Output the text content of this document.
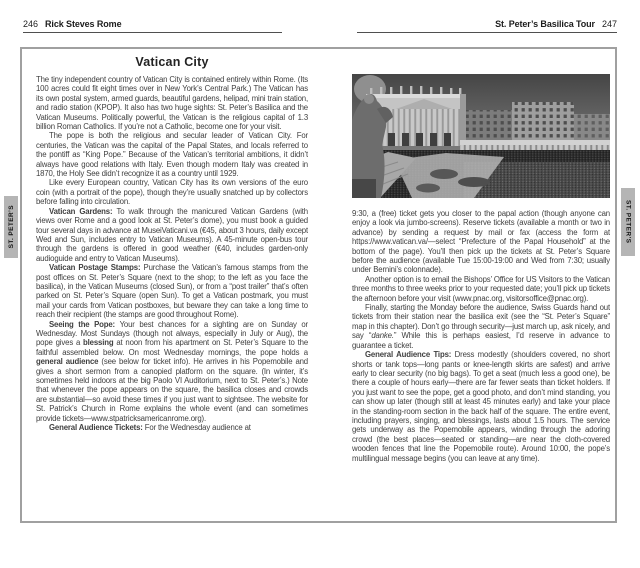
246 Rick Steves Rome	St. Peter’s Basilica Tour 247
Vatican City

The tiny independent country of Vatican City is contained entirely within Rome. (Its 100 acres could fit eight times over in New York’s Central Park.) The Vatican has its own postal system, armed guards, beautiful gardens, helipad, mini train station, and radio station (KPOP). It also has two huge sights: St. Peter’s Basilica and the Vatican Museums. Politically powerful, the Vatican is the religious capital of 1.3 billion Roman Catholics. If you’re not a Catholic, become one for your visit.

The pope is both the religious and secular leader of Vatican City. For centuries, the Vatican was the capital of the Papal States, and locals referred to the pontiff as “King Pope.” Because of the Vatican’s territorial ambitions, it didn’t always have good relations with Italy. Even though modern Italy was created in 1870, the Holy See didn’t recognize it as a country until 1929.

Like every European country, Vatican City has its own versions of the euro coin (with a portrait of the pope), though they’re usually snatched up by collectors before falling into circulation.

Vatican Gardens: To walk through the manicured Vatican Gardens (with views over Rome and a good look at St. Peter’s dome), you must book a guided tour several days in advance at MuseiVaticani.va (€45, about 3 hours, daily except Wed and Sun, includes entry to Vatican Museums). A 45-minute open-bus tour through the gardens is offered in good weather (€40, includes garden-only audioguide and entry to Vatican Museums).

Vatican Postage Stamps: Purchase the Vatican’s famous stamps from the post offices on St. Peter’s Square (next to the shop; to the left as you face the basilica), in the Vatican Museums (closed Sun), or from a “post trailer” that’s often parked on St. Peter’s Square (open Sun). To get a Vatican postmark, you must mail your cards from Vatican postboxes, but beware they can take a long time to reach their recipient (the stamps are good throughout Rome).

Seeing the Pope: Your best chances for a sighting are on Sunday or Wednesday. Most Sundays (though not always, especially in July or Aug), the pope gives a blessing at noon from his apartment on St. Peter’s Square to the faithful assembled below. On most Wednesday mornings, the pope holds a general audience (see below for ticket info). He arrives in his Popemobile and gives a short sermon from a canopied platform on the square. (In winter, it’s sometimes held indoors at the big Paolo VI Auditorium, next to St. Peter’s.) Note that whenever the pope appears on the square, the basilica closes and crowds are substantial—so avoid these times if you just want to sightsee. The website for St. Patrick’s Church in Rome explains the whole event (and can sometimes provide tickets—www.stpatricksamericanrome.org).

General Audience Tickets: For the Wednesday audience at

9:30, a (free) ticket gets you closer to the papal action (though anyone can enjoy a look via jumbo-screens). Reserve tickets (available a month or two in advance) by sending a request by mail or fax (access the form at https://www.vatican.va/—select “Prefecture of the Papal Household” at the bottom of the page). You’ll then pick up the tickets at St. Peter’s Square before the audience (available Tue 15:00-19:00 and Wed from 7:30; usually under Bernini’s colonnade).

Another option is to email the Bishops’ Office for US Visitors to the Vatican three months to three weeks prior to your requested date; you’ll pick up tickets the afternoon before your visit (www.pnac.org, visitorsoffice@pnac.org).

Finally, starting the Monday before the audience, Swiss Guards hand out tickets from their station near the basilica exit (see the “St. Peter’s Square” map in this chapter). Don’t go through security—just march up, ask nicely, and say “danke.” While this is perhaps easiest, I’d reserve in advance to guarantee a ticket.

General Audience Tips: Dress modestly (shoulders covered, no short shorts or tank tops—long pants or knee-length skirts are safest) and arrive early to clear security (no big bags). To get a seat (much less a good one), be there a couple of hours early—there are far fewer seats than ticket holders. If you just want to see the pope, get a good photo, and don’t mind standing, you can show up later (though still at least 45 minutes early) and take your place in the standing-room section in the back half of the square. The entire event, including prayers, singing, and blessings, lasts about 1.5 hours. The service gets underway as the Popemobile appears, winding through the adoring crowd (the best places—seated or standing—are near the cloth-covered wooden fences that line the Popemobile route). Around 10:00, the pope’s multilingual message begins (you can leave at any time).

ST. PETER’S	ST. PETER’S
